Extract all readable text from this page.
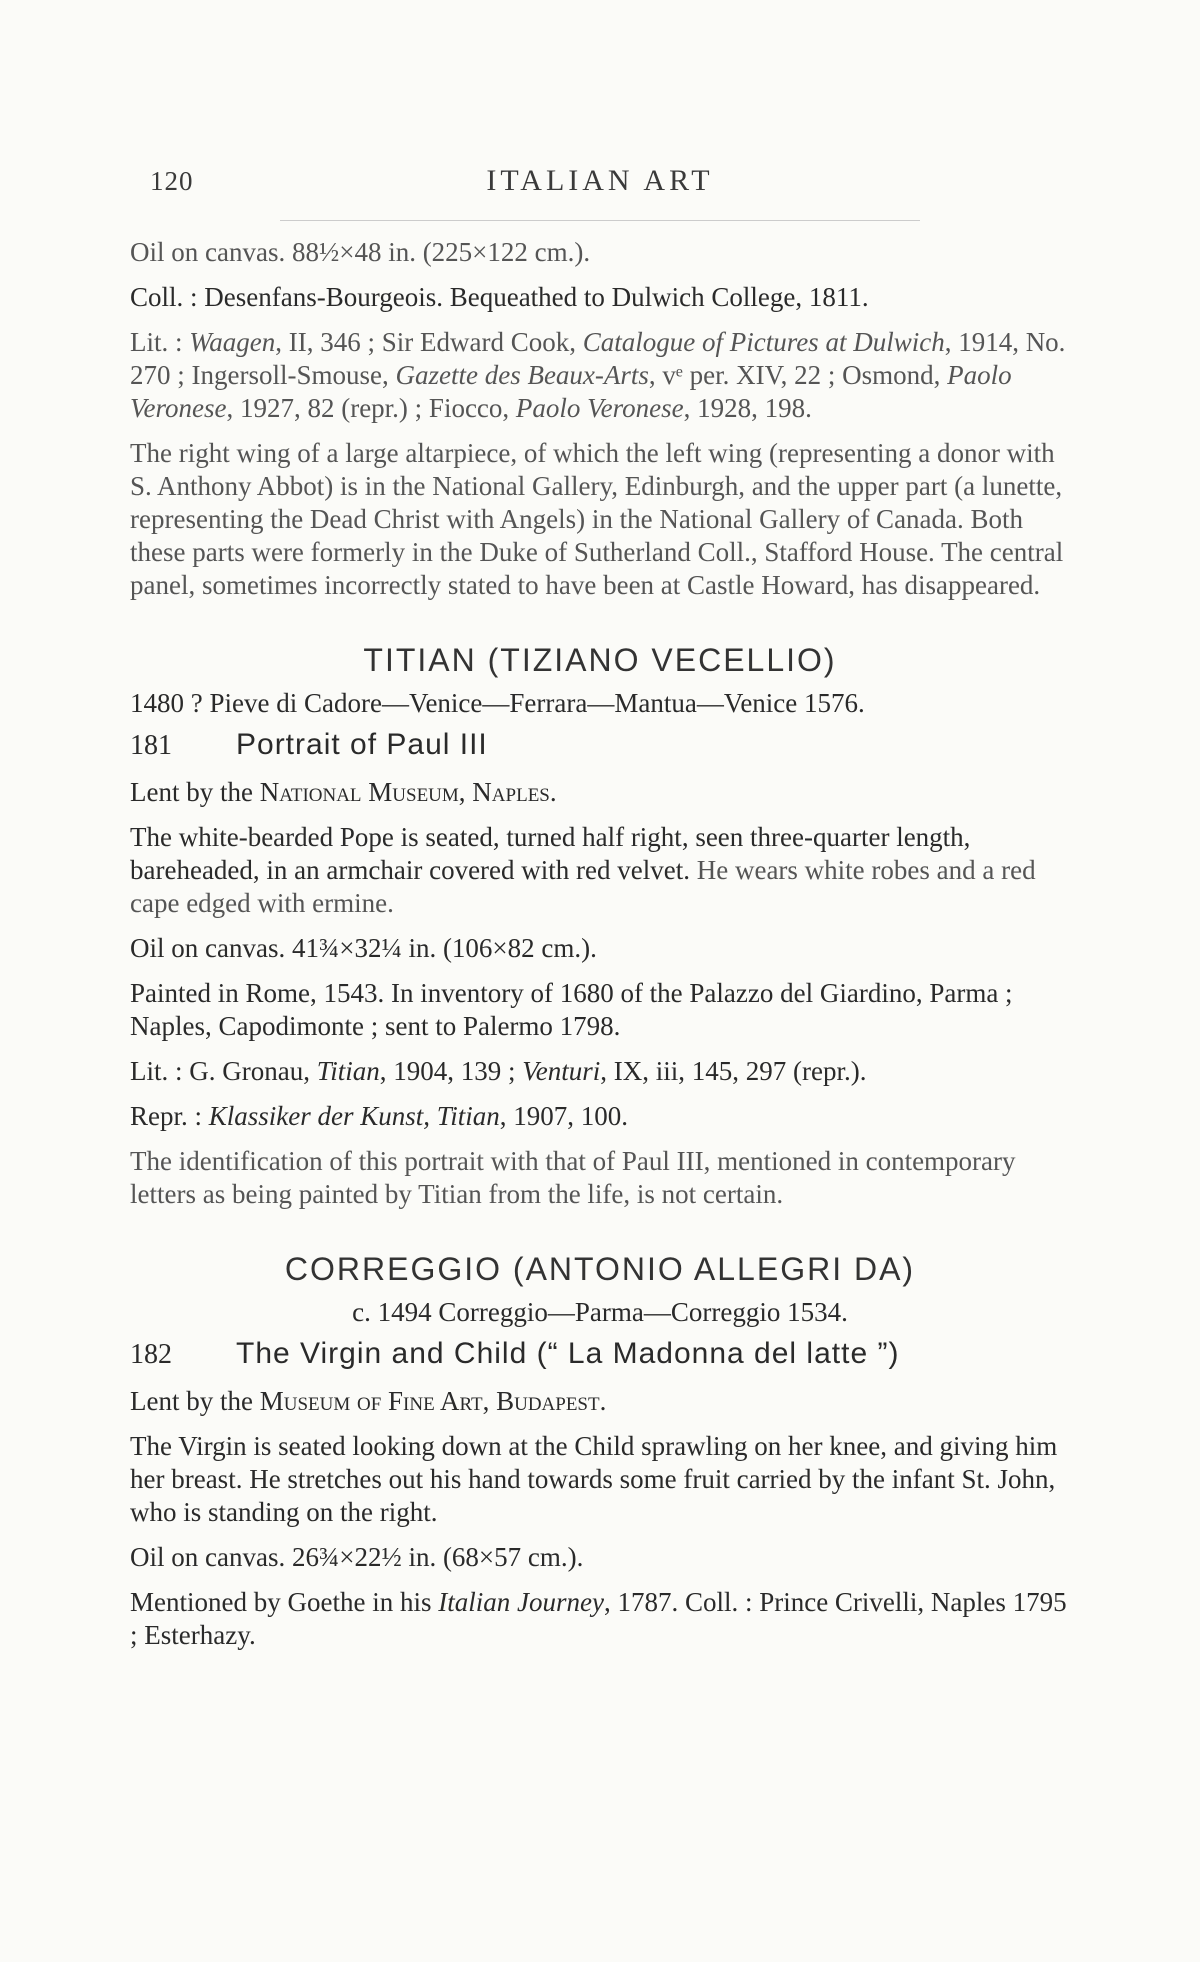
120	ITALIAN ART

Oil on canvas. 88½×48 in. (225×122 cm.).

Coll. : Desenfans-Bourgeois. Bequeathed to Dulwich College, 1811.

Lit. : Waagen, II, 346 ; Sir Edward Cook, Catalogue of Pictures at Dulwich, 1914, No. 270 ; Ingersoll-Smouse, Gazette des Beaux-Arts, vᵉ per. XIV, 22 ; Osmond, Paolo Veronese, 1927, 82 (repr.) ; Fiocco, Paolo Veronese, 1928, 198.

The right wing of a large altarpiece, of which the left wing (representing a donor with S. Anthony Abbot) is in the National Gallery, Edinburgh, and the upper part (a lunette, representing the Dead Christ with Angels) in the National Gallery of Canada. Both these parts were formerly in the Duke of Sutherland Coll., Stafford House. The central panel, sometimes incorrectly stated to have been at Castle Howard, has disappeared.

TITIAN (TIZIANO VECELLIO)

1480 ? Pieve di Cadore—Venice—Ferrara—Mantua—Venice 1576.

181	Portrait of Paul III

Lent by the National Museum, Naples.

The white-bearded Pope is seated, turned half right, seen three-quarter length, bareheaded, in an armchair covered with red velvet. He wears white robes and a red cape edged with ermine.

Oil on canvas. 41¾×32¼ in. (106×82 cm.).

Painted in Rome, 1543. In inventory of 1680 of the Palazzo del Giardino, Parma ; Naples, Capodimonte ; sent to Palermo 1798.

Lit. : G. Gronau, Titian, 1904, 139 ; Venturi, IX, iii, 145, 297 (repr.).

Repr. : Klassiker der Kunst, Titian, 1907, 100.

The identification of this portrait with that of Paul III, mentioned in contemporary letters as being painted by Titian from the life, is not certain.

CORREGGIO (ANTONIO ALLEGRI DA)

c. 1494 Correggio—Parma—Correggio 1534.

182	The Virgin and Child (“ La Madonna del latte ”)

Lent by the Museum of Fine Art, Budapest.

The Virgin is seated looking down at the Child sprawling on her knee, and giving him her breast. He stretches out his hand towards some fruit carried by the infant St. John, who is standing on the right.

Oil on canvas. 26¾×22½ in. (68×57 cm.).

Mentioned by Goethe in his Italian Journey, 1787. Coll. : Prince Crivelli, Naples 1795 ; Esterhazy.
